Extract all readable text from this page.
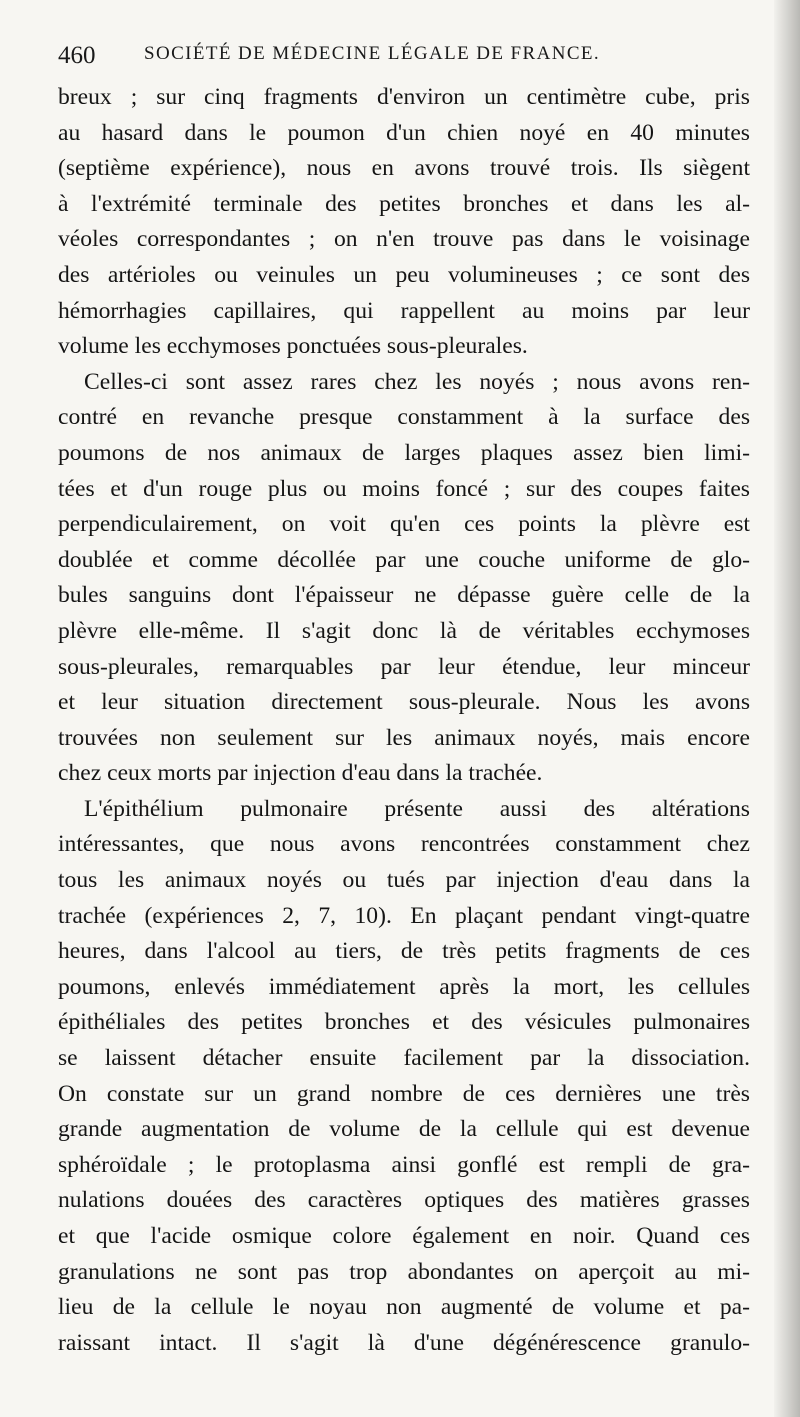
460	SOCIÉTÉ DE MÉDECINE LÉGALE DE FRANCE.
breux ; sur cinq fragments d'environ un centimètre cube, pris
au hasard dans le poumon d'un chien noyé en 40 minutes
(septième expérience), nous en avons trouvé trois. Ils siègent
à l'extrémité terminale des petites bronches et dans les al-
véoles correspondantes ; on n'en trouve pas dans le voisinage
des artérioles ou veinules un peu volumineuses ; ce sont des
hémorrhagies capillaires, qui rappellent au moins par leur
volume les ecchymoses ponctuées sous-pleurales.
Celles-ci sont assez rares chez les noyés ; nous avons ren-
contré en revanche presque constamment à la surface des
poumons de nos animaux de larges plaques assez bien limi-
tées et d'un rouge plus ou moins foncé ; sur des coupes faites
perpendiculairement, on voit qu'en ces points la plèvre est
doublée et comme décollée par une couche uniforme de glo-
bules sanguins dont l'épaisseur ne dépasse guère celle de la
plèvre elle-même. Il s'agit donc là de véritables ecchymoses
sous-pleurales, remarquables par leur étendue, leur minceur
et leur situation directement sous-pleurale. Nous les avons
trouvées non seulement sur les animaux noyés, mais encore
chez ceux morts par injection d'eau dans la trachée.
L'épithélium pulmonaire présente aussi des altérations
intéressantes, que nous avons rencontrées constamment chez
tous les animaux noyés ou tués par injection d'eau dans la
trachée (expériences 2, 7, 10). En plaçant pendant vingt-quatre
heures, dans l'alcool au tiers, de très petits fragments de ces
poumons, enlevés immédiatement après la mort, les cellules
épithéliales des petites bronches et des vésicules pulmonaires
se laissent détacher ensuite facilement par la dissociation.
On constate sur un grand nombre de ces dernières une très
grande augmentation de volume de la cellule qui est devenue
sphéroïdale ; le protoplasma ainsi gonflé est rempli de gra-
nulations douées des caractères optiques des matières grasses
et que l'acide osmique colore également en noir. Quand ces
granulations ne sont pas trop abondantes on aperçoit au mi-
lieu de la cellule le noyau non augmenté de volume et pa-
raissant intact. Il s'agit là d'une dégénérescence granulo-
